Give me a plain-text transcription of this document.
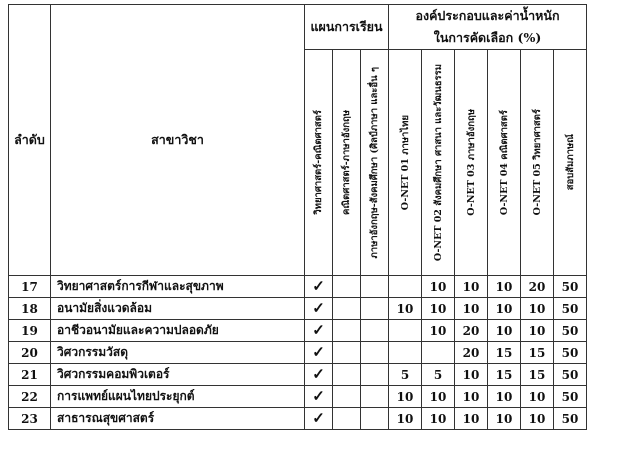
ลำดับ	สาขาวิชา	แผนการเรียน			องค์ประกอบและค่าน้ำหนัก
ในการคัดเลือก (%)					

		วิทยาศาสตร์-คณิตศาสตร์	คณิตศาสตร์-ภาษาอังกฤษ	ภาษาอังกฤษ-สังคมศึกษา (ศิลป์ภาษา และอื่น ๆ	O-NET 01 ภาษาไทย	O-NET 02 สังคมศึกษา ศาสนา และวัฒนธรรม	O-NET 03 ภาษาอังกฤษ	O-NET 04 คณิตศาสตร์	O-NET 05 วิทยาศาสตร์	สอบสัมภาษณ์

17	วิทยาศาสตร์การกีฬาและสุขภาพ	✓				10	10	10	20	50
18	อนามัยสิ่งแวดล้อม	✓			10	10	10	10	10	50
19	อาชีวอนามัยและความปลอดภัย	✓				10	20	10	10	50
20	วิศวกรรมวัสดุ	✓					20	15	15	50
21	วิศวกรรมคอมพิวเตอร์	✓			5	5	10	15	15	50
22	การแพทย์แผนไทยประยุกต์	✓			10	10	10	10	10	50
23	สาธารณสุขศาสตร์	✓			10	10	10	10	10	50
